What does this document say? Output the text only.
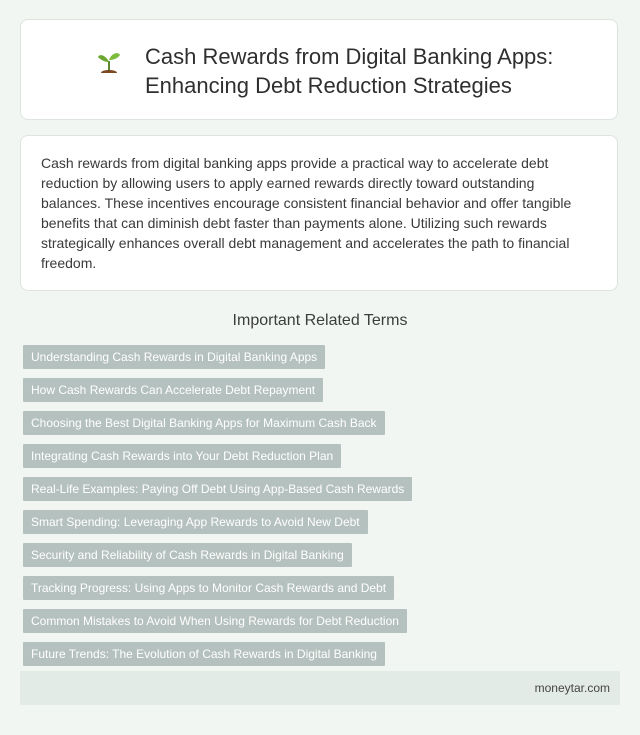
Cash Rewards from Digital Banking Apps:
Enhancing Debt Reduction Strategies

Cash rewards from digital banking apps provide a practical way to accelerate debt reduction by allowing users to apply earned rewards directly toward outstanding balances. These incentives encourage consistent financial behavior and offer tangible benefits that can diminish debt faster than payments alone. Utilizing such rewards strategically enhances overall debt management and accelerates the path to financial freedom.

Important Related Terms
Understanding Cash Rewards in Digital Banking Apps
How Cash Rewards Can Accelerate Debt Repayment
Choosing the Best Digital Banking Apps for Maximum Cash Back
Integrating Cash Rewards into Your Debt Reduction Plan
Real-Life Examples: Paying Off Debt Using App-Based Cash Rewards
Smart Spending: Leveraging App Rewards to Avoid New Debt
Security and Reliability of Cash Rewards in Digital Banking
Tracking Progress: Using Apps to Monitor Cash Rewards and Debt
Common Mistakes to Avoid When Using Rewards for Debt Reduction
Future Trends: The Evolution of Cash Rewards in Digital Banking
moneytar.com
